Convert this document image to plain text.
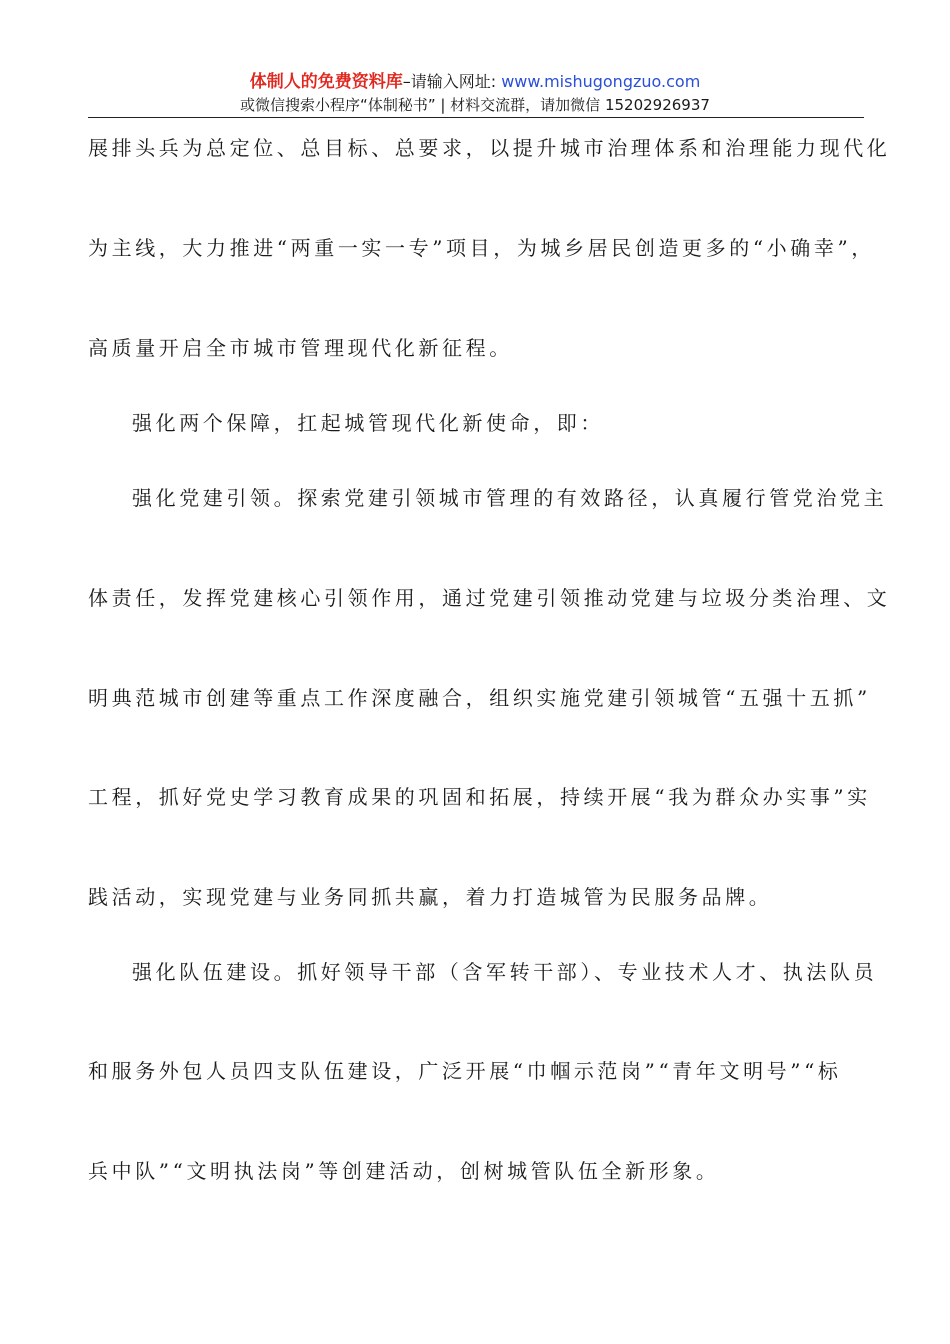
体制人的免费资料库–请输入网址: www.mishugongzuo.com
或微信搜索小程序“体制秘书” | 材料交流群，请加微信 15202926937
展排头兵为总定位、总目标、总要求，以提升城市治理体系和治理能力现代化
为主线，大力推进“两重一实一专”项目，为城乡居民创造更多的“小确幸”，
高质量开启全市城市管理现代化新征程。
强化两个保障，扛起城管现代化新使命，即：
强化党建引领。探索党建引领城市管理的有效路径，认真履行管党治党主
体责任，发挥党建核心引领作用，通过党建引领推动党建与垃圾分类治理、文
明典范城市创建等重点工作深度融合，组织实施党建引领城管“五强十五抓”
工程，抓好党史学习教育成果的巩固和拓展，持续开展“我为群众办实事”实
践活动，实现党建与业务同抓共赢，着力打造城管为民服务品牌。
强化队伍建设。抓好领导干部（含军转干部）、专业技术人才、执法队员
和服务外包人员四支队伍建设，广泛开展“巾帼示范岗”“青年文明号”“标
兵中队”“文明执法岗”等创建活动，创树城管队伍全新形象。
